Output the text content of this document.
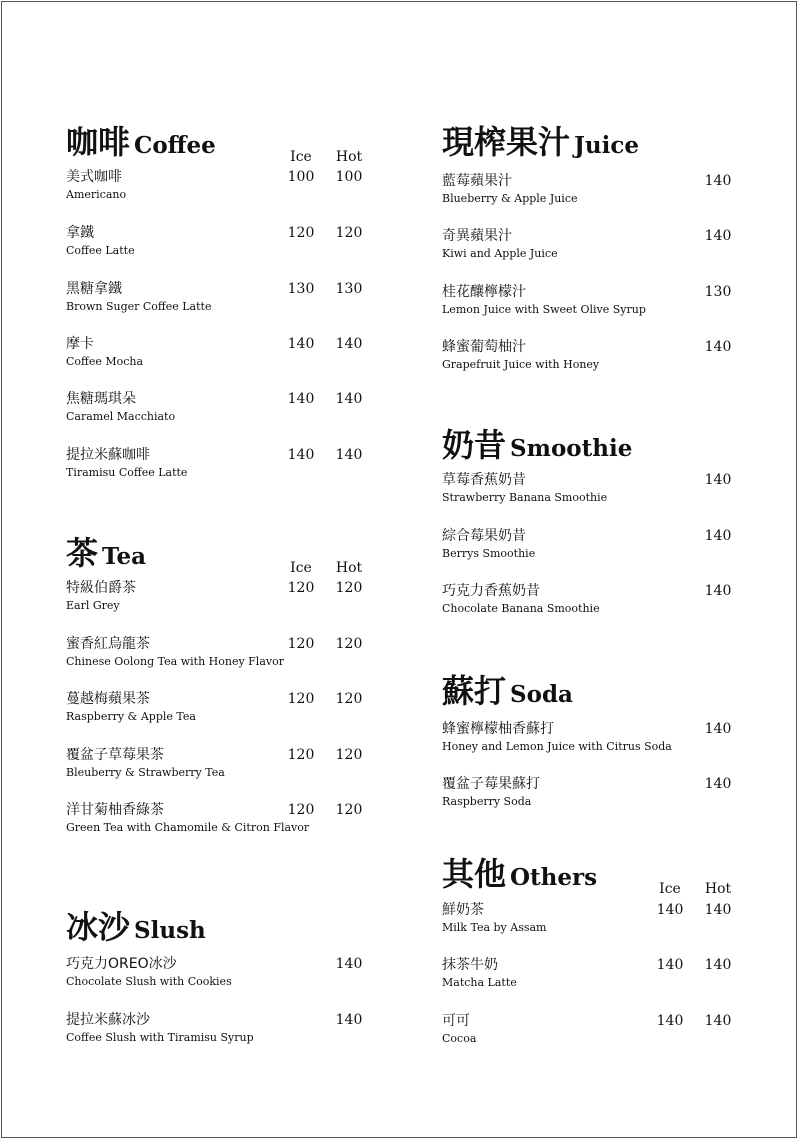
咖啡 Coffee	Ice	Hot
美式咖啡
Americano
100	100
拿鐵
Coffee Latte
120	120
黑糖拿鐵
Brown Suger Coffee Latte
130	130
摩卡
Coffee Mocha
140	140
焦糖瑪琪朵
Caramel Macchiato
140	140
提拉米蘇咖啡
Tiramisu Coffee Latte
140	140
茶 Tea	Ice	Hot
特級伯爵茶
Earl Grey
120	120
蜜香紅烏龍茶
Chinese Oolong Tea with Honey Flavor
120	120
蔓越梅蘋果茶
Raspberry & Apple Tea
120	120
覆盆子草莓果茶
Bleuberry & Strawberry Tea
120	120
洋甘菊柚香綠茶
Green Tea with Chamomile & Citron Flavor
120	120
冰沙 Slush
巧克力OREO冰沙
Chocolate Slush with Cookies
140
提拉米蘇冰沙
Coffee Slush with Tiramisu Syrup
140
現榨果汁 Juice
藍莓蘋果汁
Blueberry & Apple Juice
140
奇異蘋果汁
Kiwi and Apple Juice
140
桂花釀檸檬汁
Lemon Juice with Sweet Olive Syrup
130
蜂蜜葡萄柚汁
Grapefruit Juice with Honey
140
奶昔 Smoothie
草莓香蕉奶昔
Strawberry Banana Smoothie
140
綜合莓果奶昔
Berrys Smoothie
140
巧克力香蕉奶昔
Chocolate Banana Smoothie
140
蘇打 Soda
蜂蜜檸檬柚香蘇打
Honey and Lemon Juice with Citrus Soda
140
覆盆子莓果蘇打
Raspberry Soda
140
其他 Others	Ice	Hot
鮮奶茶
Milk Tea by Assam
140	140
抹茶牛奶
Matcha Latte
140	140
可可
Cocoa
140	140
